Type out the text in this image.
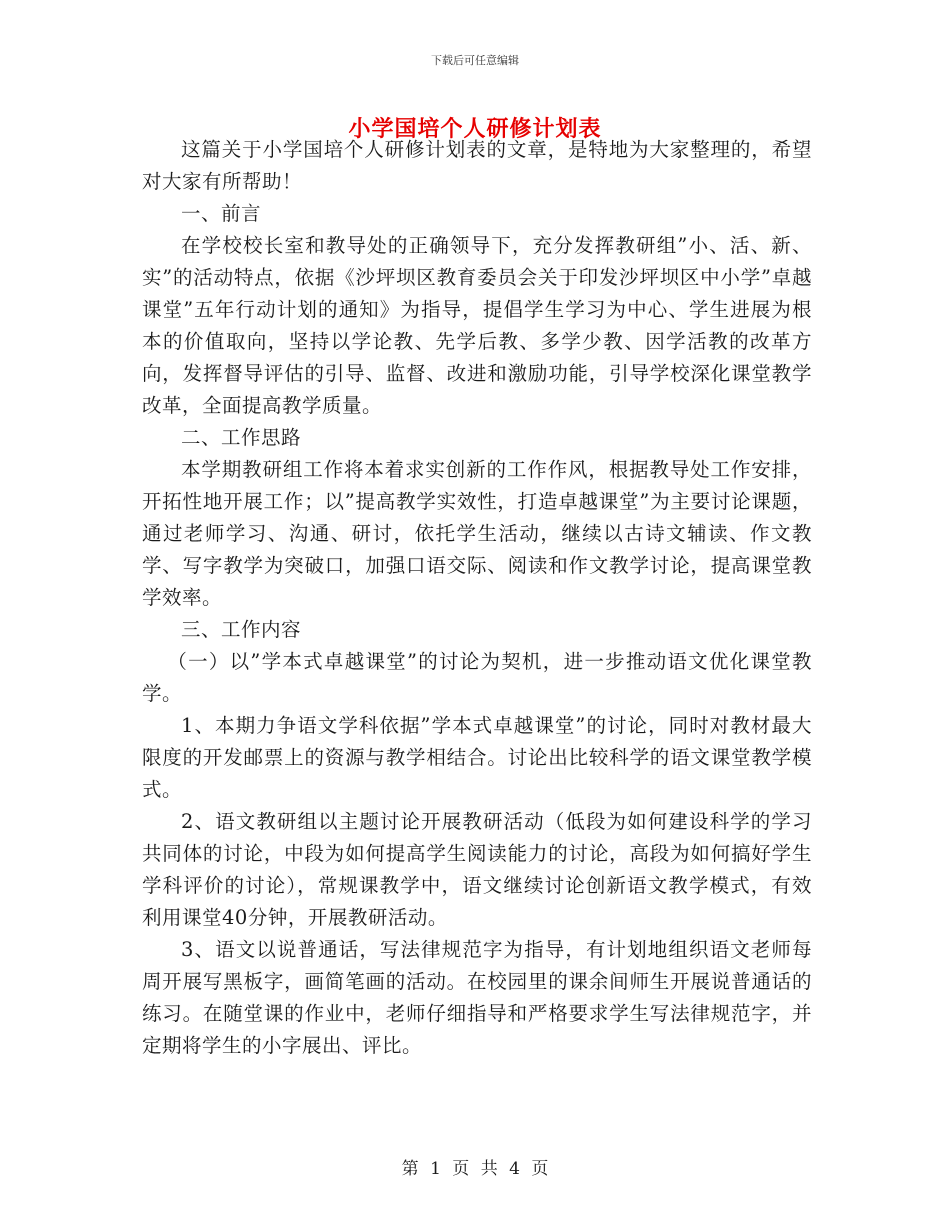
下载后可任意编辑
小学国培个人研修计划表

这篇关于小学国培个人研修计划表的文章，是特地为大家整理的，希望对大家有所帮助！

一、前言

在学校校长室和教导处的正确领导下，充分发挥教研组”小、活、新、实”的活动特点，依据《沙坪坝区教育委员会关于印发沙坪坝区中小学”卓越课堂”五年行动计划的通知》为指导，提倡学生学习为中心、学生进展为根本的价值取向，坚持以学论教、先学后教、多学少教、因学活教的改革方向，发挥督导评估的引导、监督、改进和激励功能，引导学校深化课堂教学改革，全面提高教学质量。

二、工作思路

本学期教研组工作将本着求实创新的工作作风，根据教导处工作安排，开拓性地开展工作；以”提高教学实效性，打造卓越课堂”为主要讨论课题，通过老师学习、沟通、研讨，依托学生活动，继续以古诗文辅读、作文教学、写字教学为突破口，加强口语交际、阅读和作文教学讨论，提高课堂教学效率。

三、工作内容

（一）以”学本式卓越课堂”的讨论为契机，进一步推动语文优化课堂教学。

1、本期力争语文学科依据”学本式卓越课堂”的讨论，同时对教材最大限度的开发邮票上的资源与教学相结合。讨论出比较科学的语文课堂教学模式。

2、语文教研组以主题讨论开展教研活动（低段为如何建设科学的学习共同体的讨论，中段为如何提高学生阅读能力的讨论，高段为如何搞好学生学科评价的讨论），常规课教学中，语文继续讨论创新语文教学模式，有效利用课堂40分钟，开展教研活动。

3、语文以说普通话，写法律规范字为指导，有计划地组织语文老师每周开展写黑板字，画简笔画的活动。在校园里的课余间师生开展说普通话的练习。在随堂课的作业中，老师仔细指导和严格要求学生写法律规范字，并定期将学生的小字展出、评比。

第 1 页 共 4 页
